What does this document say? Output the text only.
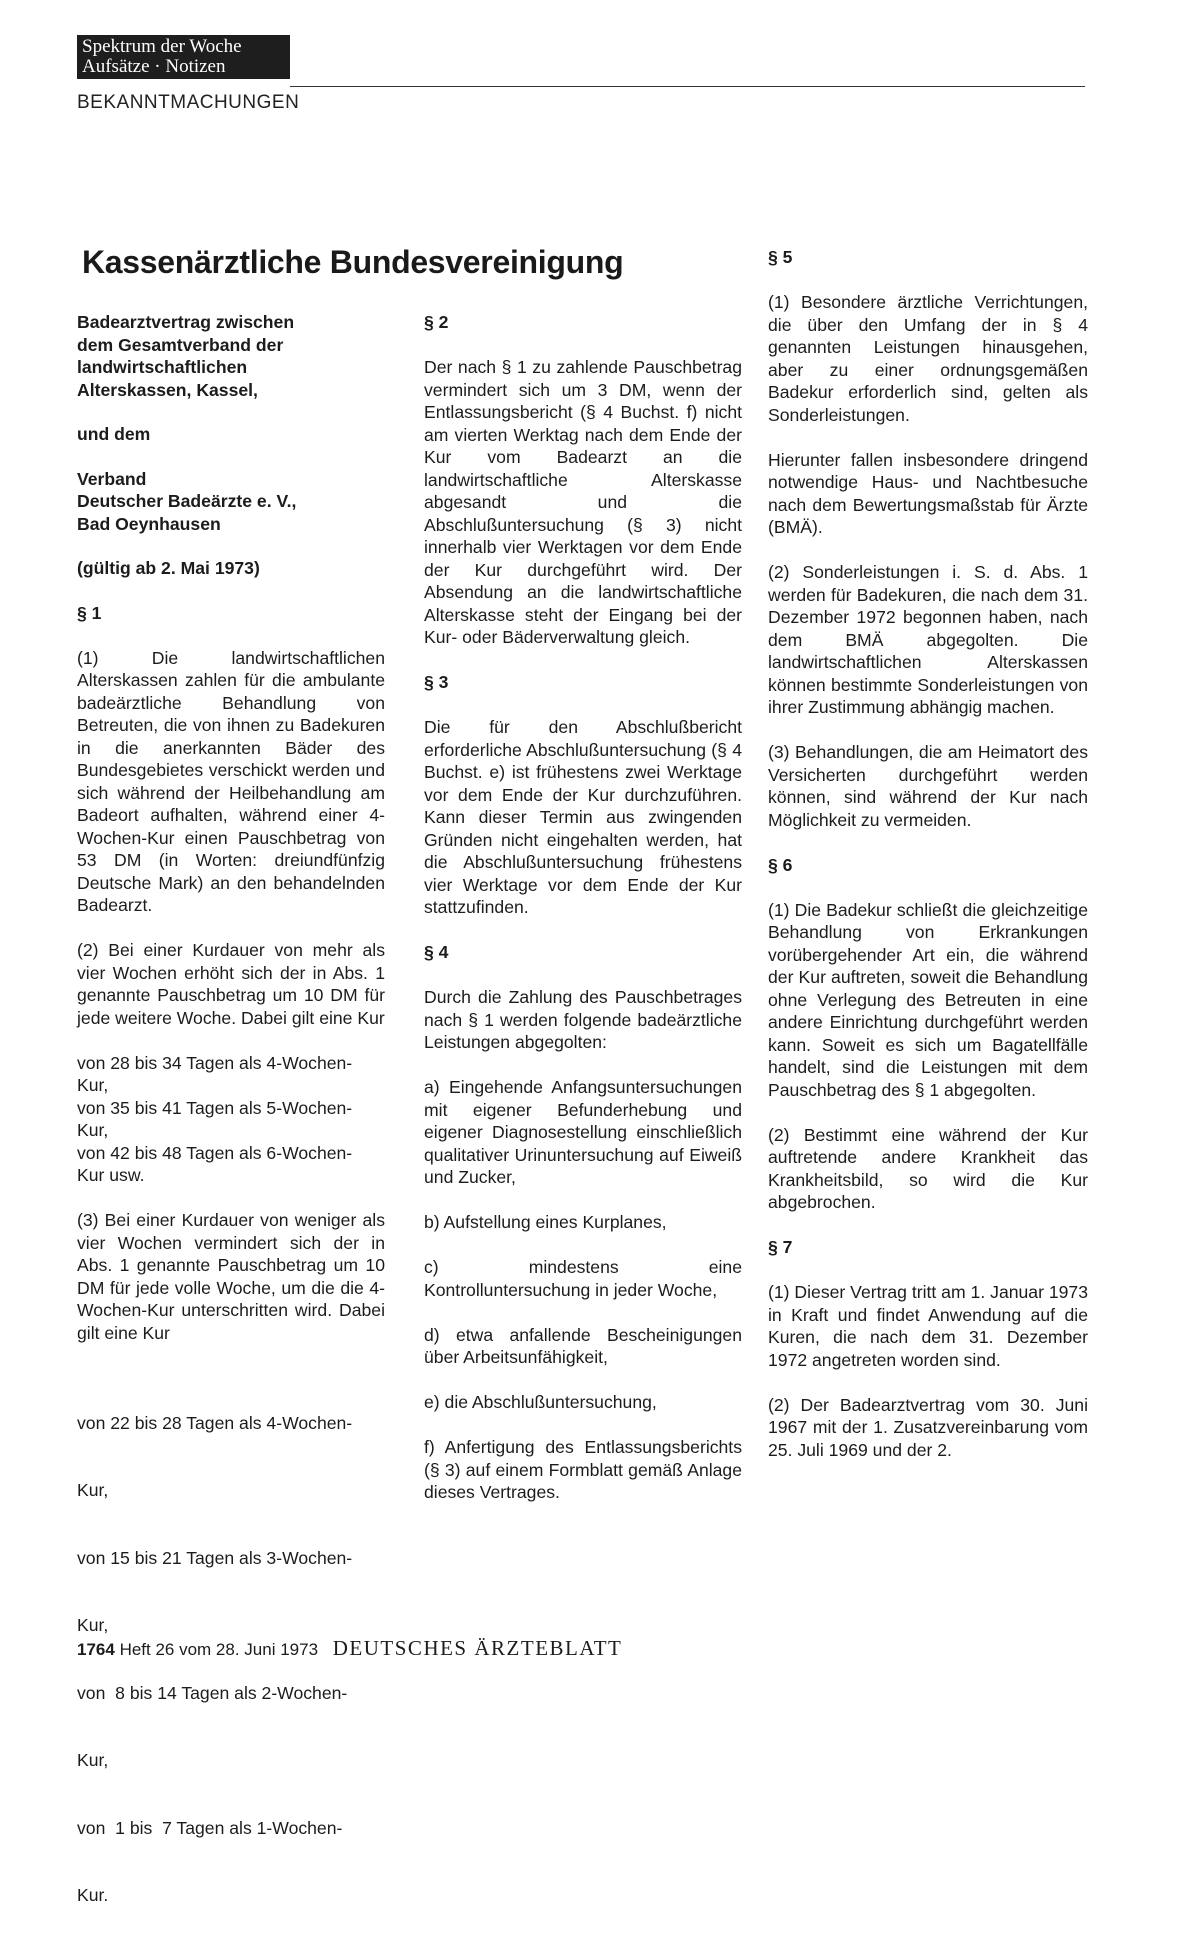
Spektrum der Woche
Aufsätze · Notizen
BEKANNTMACHUNGEN
Kassenärztliche Bundesvereinigung
Badearztvertrag zwischen
dem Gesamtverband der
landwirtschaftlichen
Alterskassen, Kassel,
und dem
Verband
Deutscher Badeärzte e. V.,
Bad Oeynhausen
(gültig ab 2. Mai 1973)
§ 1

(1) Die landwirtschaftlichen Alterskassen zahlen für die ambulante badeärztliche Behandlung von Betreuten, die von ihnen zu Badekuren in die anerkannten Bäder des Bundesgebietes verschickt werden und sich während der Heilbehandlung am Badeort aufhalten, während einer 4-Wochen-Kur einen Pauschbetrag von 53 DM (in Worten: dreiundfünfzig Deutsche Mark) an den behandelnden Badearzt.

(2) Bei einer Kurdauer von mehr als vier Wochen erhöht sich der in Abs. 1 genannte Pauschbetrag um 10 DM für jede weitere Woche. Dabei gilt eine Kur

von 28 bis 34 Tagen als 4-Wochen-
Kur,
von 35 bis 41 Tagen als 5-Wochen-
Kur,
von 42 bis 48 Tagen als 6-Wochen-
Kur usw.

(3) Bei einer Kurdauer von weniger als vier Wochen vermindert sich der in Abs. 1 genannte Pauschbetrag um 10 DM für jede volle Woche, um die die 4-Wochen-Kur unterschritten wird. Dabei gilt eine Kur

von 22 bis 28 Tagen als 4-Wochen-

Kur,

von 15 bis 21 Tagen als 3-Wochen-

Kur,

von  8 bis 14 Tagen als 2-Wochen-

Kur,

von  1 bis  7 Tagen als 1-Wochen-

Kur.

§ 2

Der nach § 1 zu zahlende Pauschbetrag vermindert sich um 3 DM, wenn der Entlassungsbericht (§ 4 Buchst. f) nicht am vierten Werktag nach dem Ende der Kur vom Badearzt an die landwirtschaftliche Alterskasse abgesandt und die Abschlußuntersuchung (§ 3) nicht innerhalb vier Werktagen vor dem Ende der Kur durchgeführt wird. Der Absendung an die landwirtschaftliche Alterskasse steht der Eingang bei der Kur- oder Bäderverwaltung gleich.

§ 3

Die für den Abschlußbericht erforderliche Abschlußuntersuchung (§ 4 Buchst. e) ist frühestens zwei Werktage vor dem Ende der Kur durchzuführen. Kann dieser Termin aus zwingenden Gründen nicht eingehalten werden, hat die Abschlußuntersuchung frühestens vier Werktage vor dem Ende der Kur stattzufinden.

§ 4

Durch die Zahlung des Pauschbetrages nach § 1 werden folgende badeärztliche Leistungen abgegolten:

a) Eingehende Anfangsuntersuchungen mit eigener Befunderhebung und eigener Diagnosestellung einschließlich qualitativer Urinuntersuchung auf Eiweiß und Zucker,

b) Aufstellung eines Kurplanes,

c) mindestens eine Kontrolluntersuchung in jeder Woche,

d) etwa anfallende Bescheinigungen über Arbeitsunfähigkeit,

e) die Abschlußuntersuchung,

f) Anfertigung des Entlassungsberichts (§ 3) auf einem Formblatt gemäß Anlage dieses Vertrages.

§ 5

(1) Besondere ärztliche Verrichtungen, die über den Umfang der in § 4 genannten Leistungen hinausgehen, aber zu einer ordnungsgemäßen Badekur erforderlich sind, gelten als Sonderleistungen.

Hierunter fallen insbesondere dringend notwendige Haus- und Nachtbesuche nach dem Bewertungsmaßstab für Ärzte (BMÄ).

(2) Sonderleistungen i. S. d. Abs. 1 werden für Badekuren, die nach dem 31. Dezember 1972 begonnen haben, nach dem BMÄ abgegolten. Die landwirtschaftlichen Alterskassen können bestimmte Sonderleistungen von ihrer Zustimmung abhängig machen.

(3) Behandlungen, die am Heimatort des Versicherten durchgeführt werden können, sind während der Kur nach Möglichkeit zu vermeiden.

§ 6

(1) Die Badekur schließt die gleichzeitige Behandlung von Erkrankungen vorübergehender Art ein, die während der Kur auftreten, soweit die Behandlung ohne Verlegung des Betreuten in eine andere Einrichtung durchgeführt werden kann. Soweit es sich um Bagatellfälle handelt, sind die Leistungen mit dem Pauschbetrag des § 1 abgegolten.

(2) Bestimmt eine während der Kur auftretende andere Krankheit das Krankheitsbild, so wird die Kur abgebrochen.

§ 7

(1) Dieser Vertrag tritt am 1. Januar 1973 in Kraft und findet Anwendung auf die Kuren, die nach dem 31. Dezember 1972 angetreten worden sind.

(2) Der Badearztvertrag vom 30. Juni 1967 mit der 1. Zusatzvereinbarung vom 25. Juli 1969 und der 2.

1764 Heft 26 vom 28. Juni 1973 DEUTSCHES ÄRZTEBLATT
